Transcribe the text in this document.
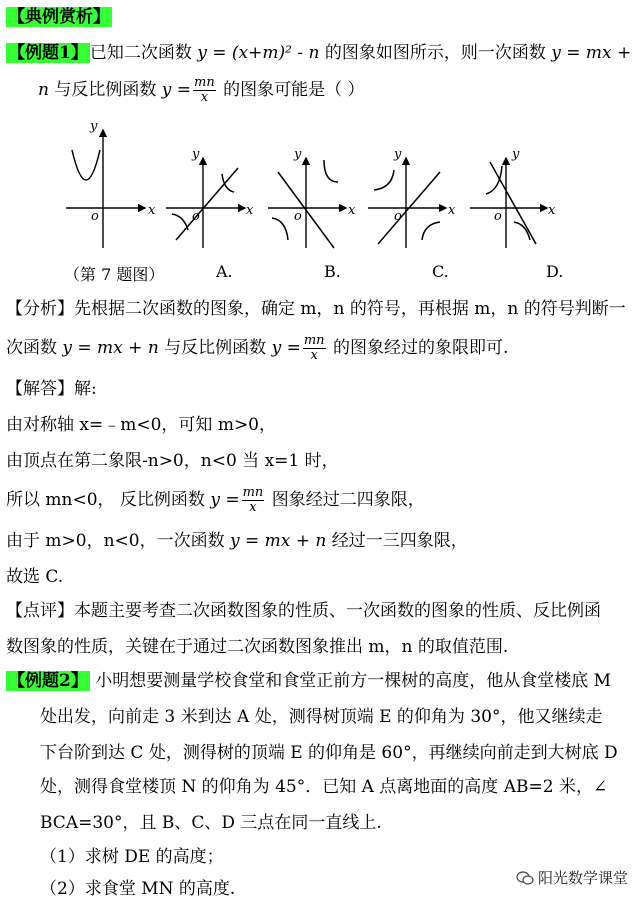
【典例赏析】
【例题1】 已知二次函数 y = (x+m)² - n 的图象如图所示，则一次函数 y = mx +
n 与反比例函数 $y = \frac{mn}{x}$ 的图象可能是（ ）
x
y
o	x
y
o	x
y
o	x
y
o	x
y
o
（第 7 题图）	A.	B.	C.	D.
【分析】先根据二次函数的图象，确定 m，n 的符号，再根据 m，n 的符号判断一
次函数 y = mx + n 与反比例函数 $y = \frac{mn}{x}$ 的图象经过的象限即可.
【解答】解:
由对称轴 x=﹣m<0，可知 m>0，
由顶点在第二象限-n>0，n<0 当 x=1 时，
所以 mn<0， 反比例函数 $y = \frac{mn}{x}$ 图象经过二四象限，
由于 m>0，n<0，一次函数 y = mx + n 经过一三四象限，
故选 C.
【点评】本题主要考查二次函数图象的性质、一次函数的图象的性质、反比例函
数图象的性质，关键在于通过二次函数图象推出 m，n 的取值范围.
【例题2】 小明想要测量学校食堂和食堂正前方一棵树的高度，他从食堂楼底 M
处出发，向前走 3 米到达 A 处，测得树顶端 E 的仰角为 30°，他又继续走
下台阶到达 C 处，测得树的顶端 E 的仰角是 60°，再继续向前走到大树底 D
处，测得食堂楼顶 N 的仰角为 45°．已知 A 点离地面的高度 AB=2 米，∠
BCA=30°，且 B、C、D 三点在同一直线上.
（1）求树 DE 的高度；
（2）求食堂 MN 的高度.
阳光数学课堂
